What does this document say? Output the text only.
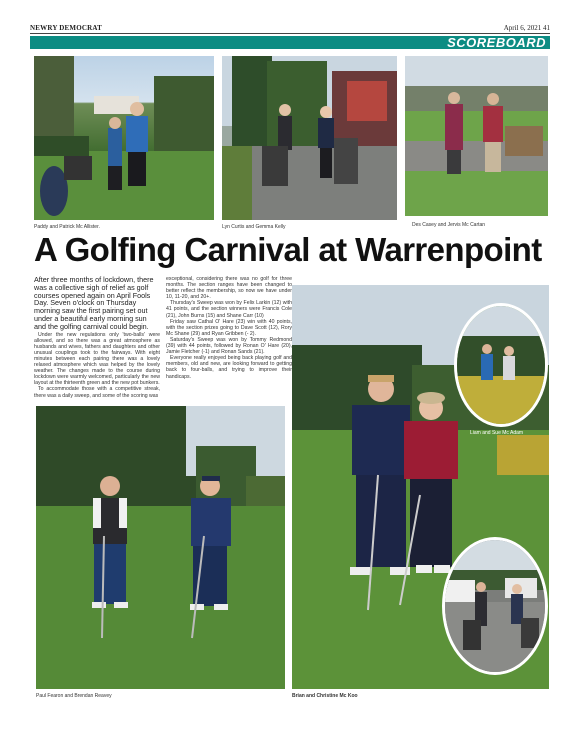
NEWRY DEMOCRAT	April 6, 2021 41
SCOREBOARD
Paddy and Patrick Mc Allister.	Lyn Curtis and Gemma Kelly	Des Casey and Jervis Mc Cartan
A Golfing Carnival at Warrenpoint

After three months of lockdown, there was a collective sigh of relief as golf courses opened again on April Fools Day. Seven o'clock on Thursday morning saw the first pairing set out under a beautiful early morning sun and the golfing carnival could begin.

Under the new regulations only 'two-balls' were allowed, and so there was a great atmosphere as husbands and wives, fathers and daughters and other unusual couplings took to the fairways. With eight minutes between each pairing there was a lovely relaxed atmosphere which was helped by the lovely weather. The changes made to the course during lockdown were warmly welcomed, particularly the new layout at the thirteenth green and the new pot bunkers.

To accommodate those with a competitive streak, there was a daily sweep, and some of the scoring was

exceptional, considering there was no golf for three months. The section ranges have been changed to better reflect the membership, so now we have under 10, 11-20, and 20+.

Thursday's Sweep was won by Felix Larkin (12) with 41 points, and the section winners were Francis Cole (21), John Burns (15) and Shane Carr (10)

Friday saw Cathal O' Hare (23) win with 40 points, with the section prizes going to Dave Scott (12), Rory Mc Shane (29) and Ryan Gribben (- 2).

Saturday's Sweep was won by Tommy Redmond (39) with 44 points, followed by Ronan O' Hare (20), Jamie Fletcher (-1) and Ronan Sands (21).

Everyone really enjoyed being back playing golf and members, old and new, are looking forward to getting back to four-balls, and trying to improve their handicaps.

Paul Fearon and Brendan Reavey
Liam and Sue Mc Adam
Brian and Christine Mc Koo
